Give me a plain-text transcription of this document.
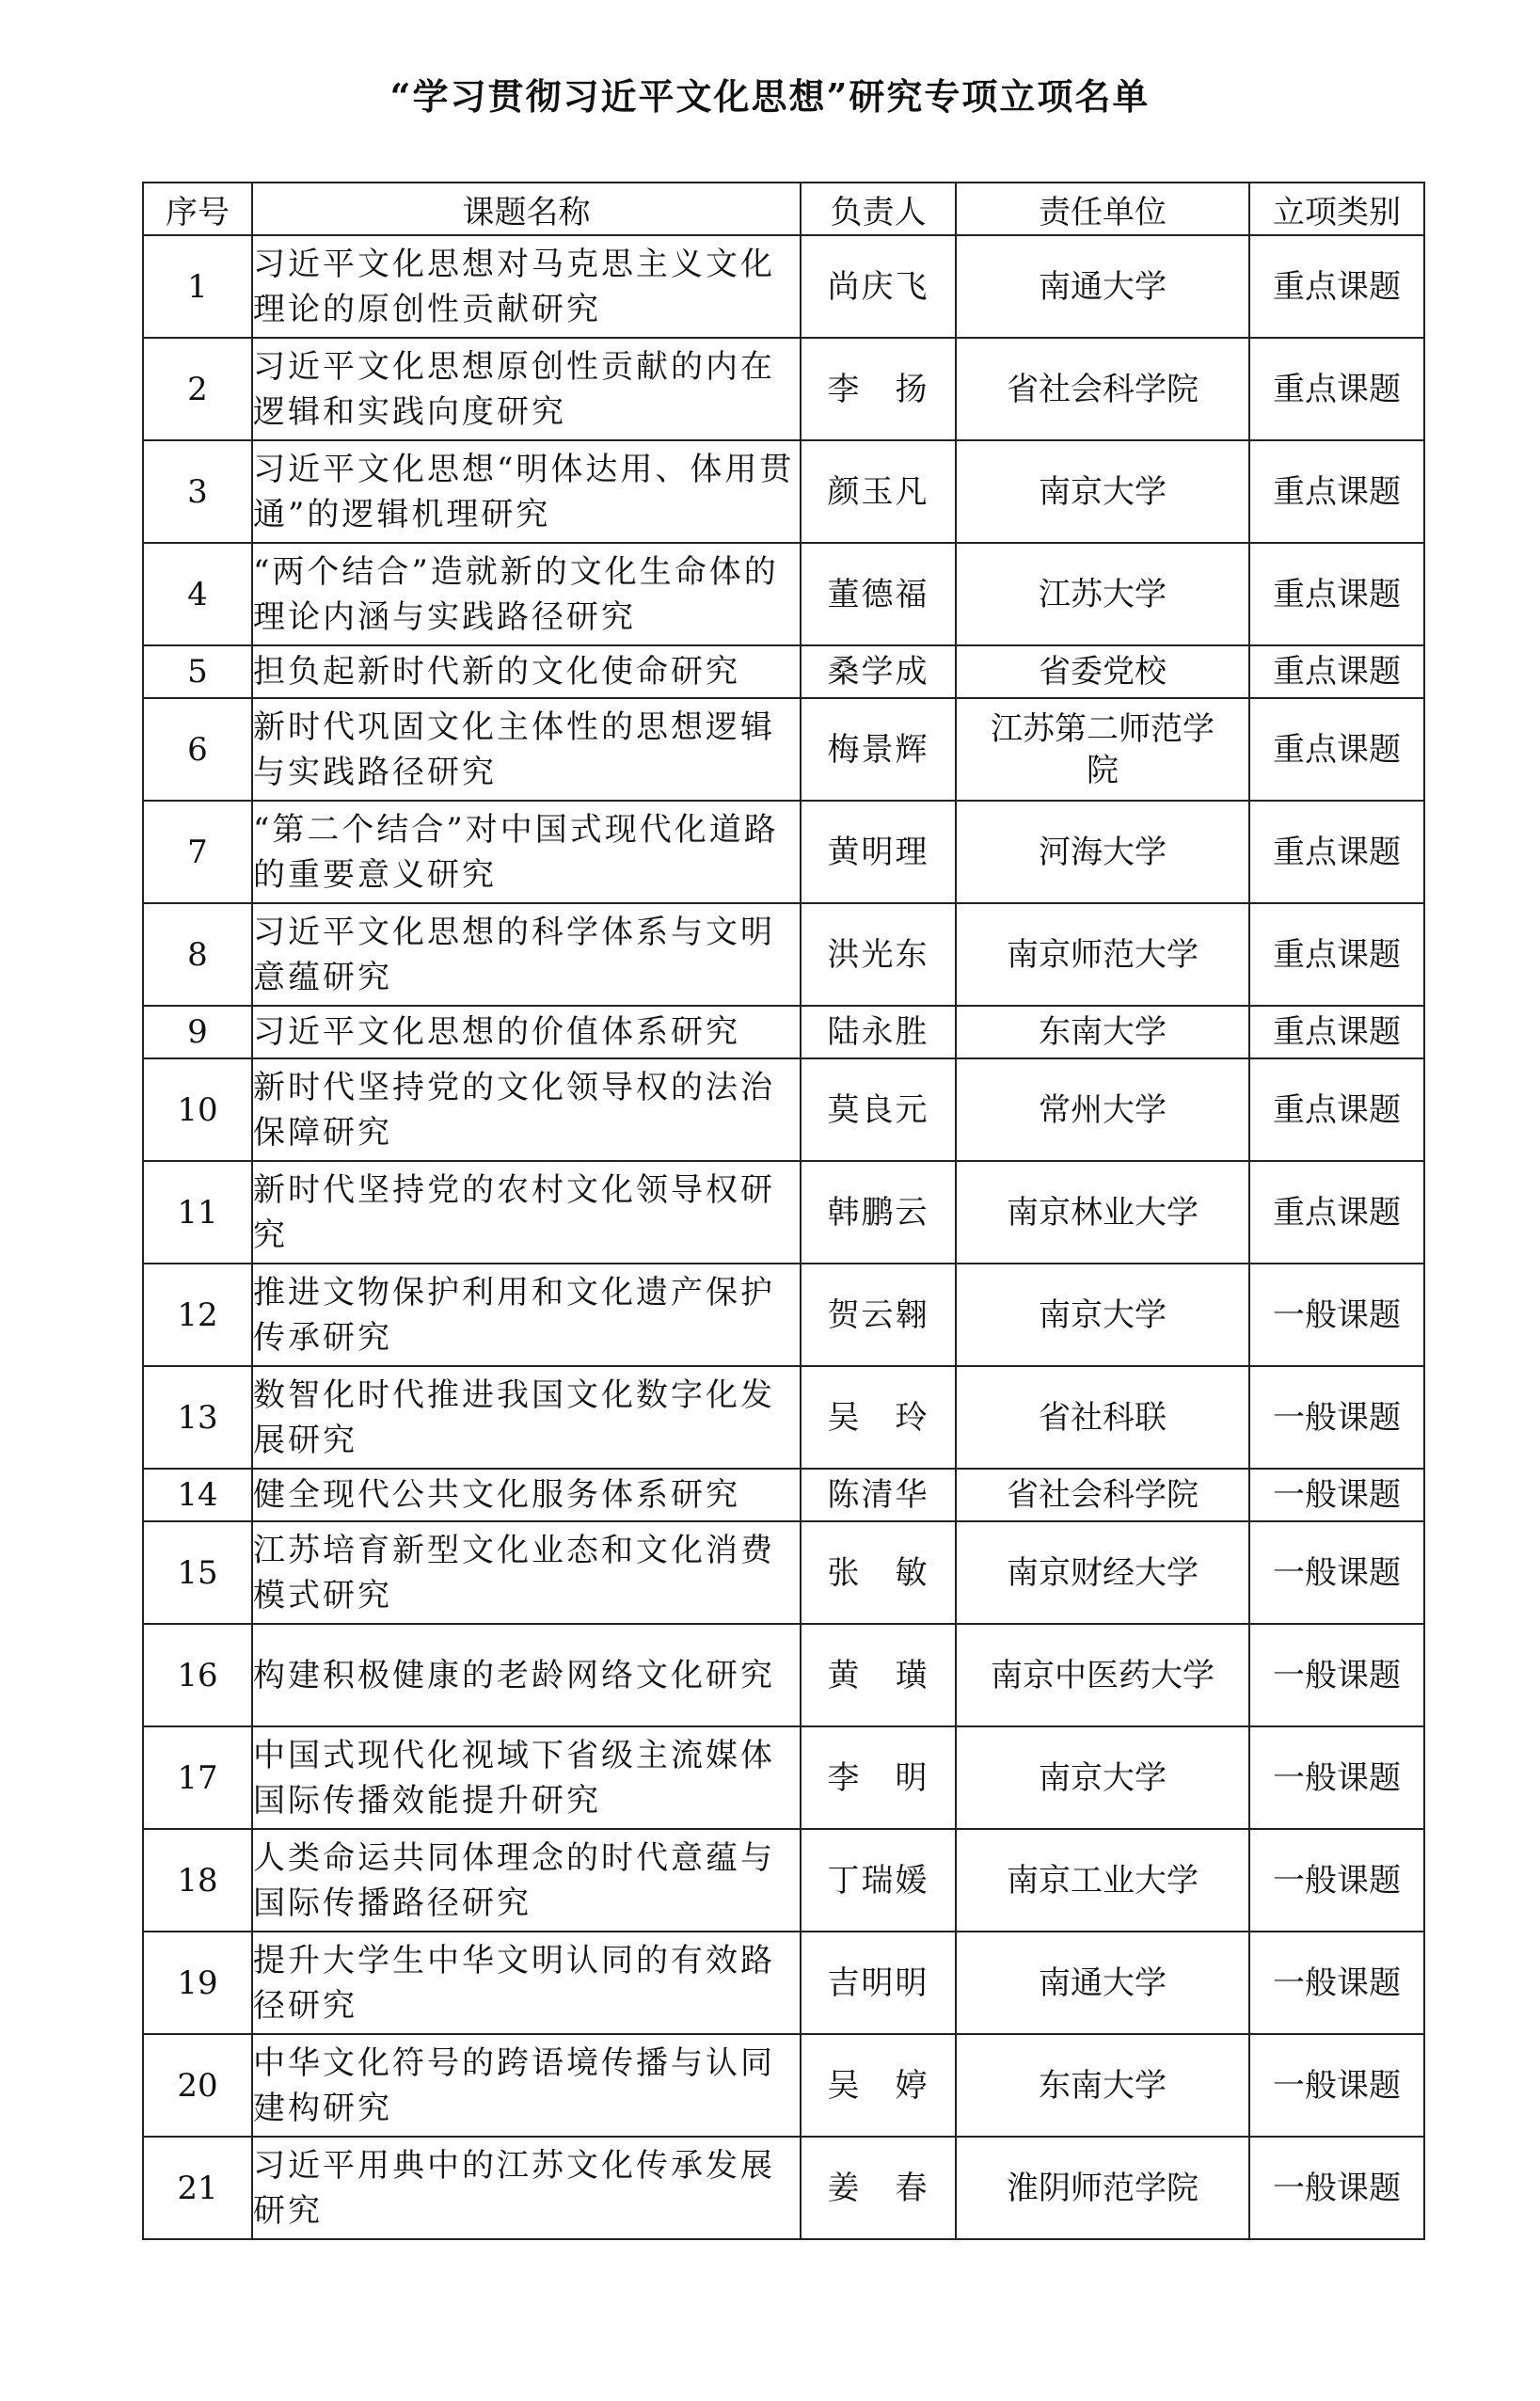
“学习贯彻习近平文化思想”研究专项立项名单
序号	课题名称	负责人	责任单位	立项类别
1	习近平文化思想对马克思主义文化理论的原创性贡献研究	尚庆飞	南通大学	重点课题
2	习近平文化思想原创性贡献的内在逻辑和实践向度研究	李　扬	省社会科学院	重点课题
3	习近平文化思想“明体达用、体用贯通”的逻辑机理研究	颜玉凡	南京大学	重点课题
4	“两个结合”造就新的文化生命体的理论内涵与实践路径研究	董德福	江苏大学	重点课题
5	担负起新时代新的文化使命研究	桑学成	省委党校	重点课题
6	新时代巩固文化主体性的思想逻辑与实践路径研究	梅景辉	江苏第二师范学院	重点课题
7	“第二个结合”对中国式现代化道路的重要意义研究	黄明理	河海大学	重点课题
8	习近平文化思想的科学体系与文明意蕴研究	洪光东	南京师范大学	重点课题
9	习近平文化思想的价值体系研究	陆永胜	东南大学	重点课题
10	新时代坚持党的文化领导权的法治保障研究	莫良元	常州大学	重点课题
11	新时代坚持党的农村文化领导权研究	韩鹏云	南京林业大学	重点课题
12	推进文物保护利用和文化遗产保护传承研究	贺云翱	南京大学	一般课题
13	数智化时代推进我国文化数字化发展研究	吴　玲	省社科联	一般课题
14	健全现代公共文化服务体系研究	陈清华	省社会科学院	一般课题
15	江苏培育新型文化业态和文化消费模式研究	张　敏	南京财经大学	一般课题
16	构建积极健康的老龄网络文化研究	黄　璜	南京中医药大学	一般课题
17	中国式现代化视域下省级主流媒体国际传播效能提升研究	李　明	南京大学	一般课题
18	人类命运共同体理念的时代意蕴与国际传播路径研究	丁瑞媛	南京工业大学	一般课题
19	提升大学生中华文明认同的有效路径研究	吉明明	南通大学	一般课题
20	中华文化符号的跨语境传播与认同建构研究	吴　婷	东南大学	一般课题
21	习近平用典中的江苏文化传承发展研究	姜　春	淮阴师范学院	一般课题
